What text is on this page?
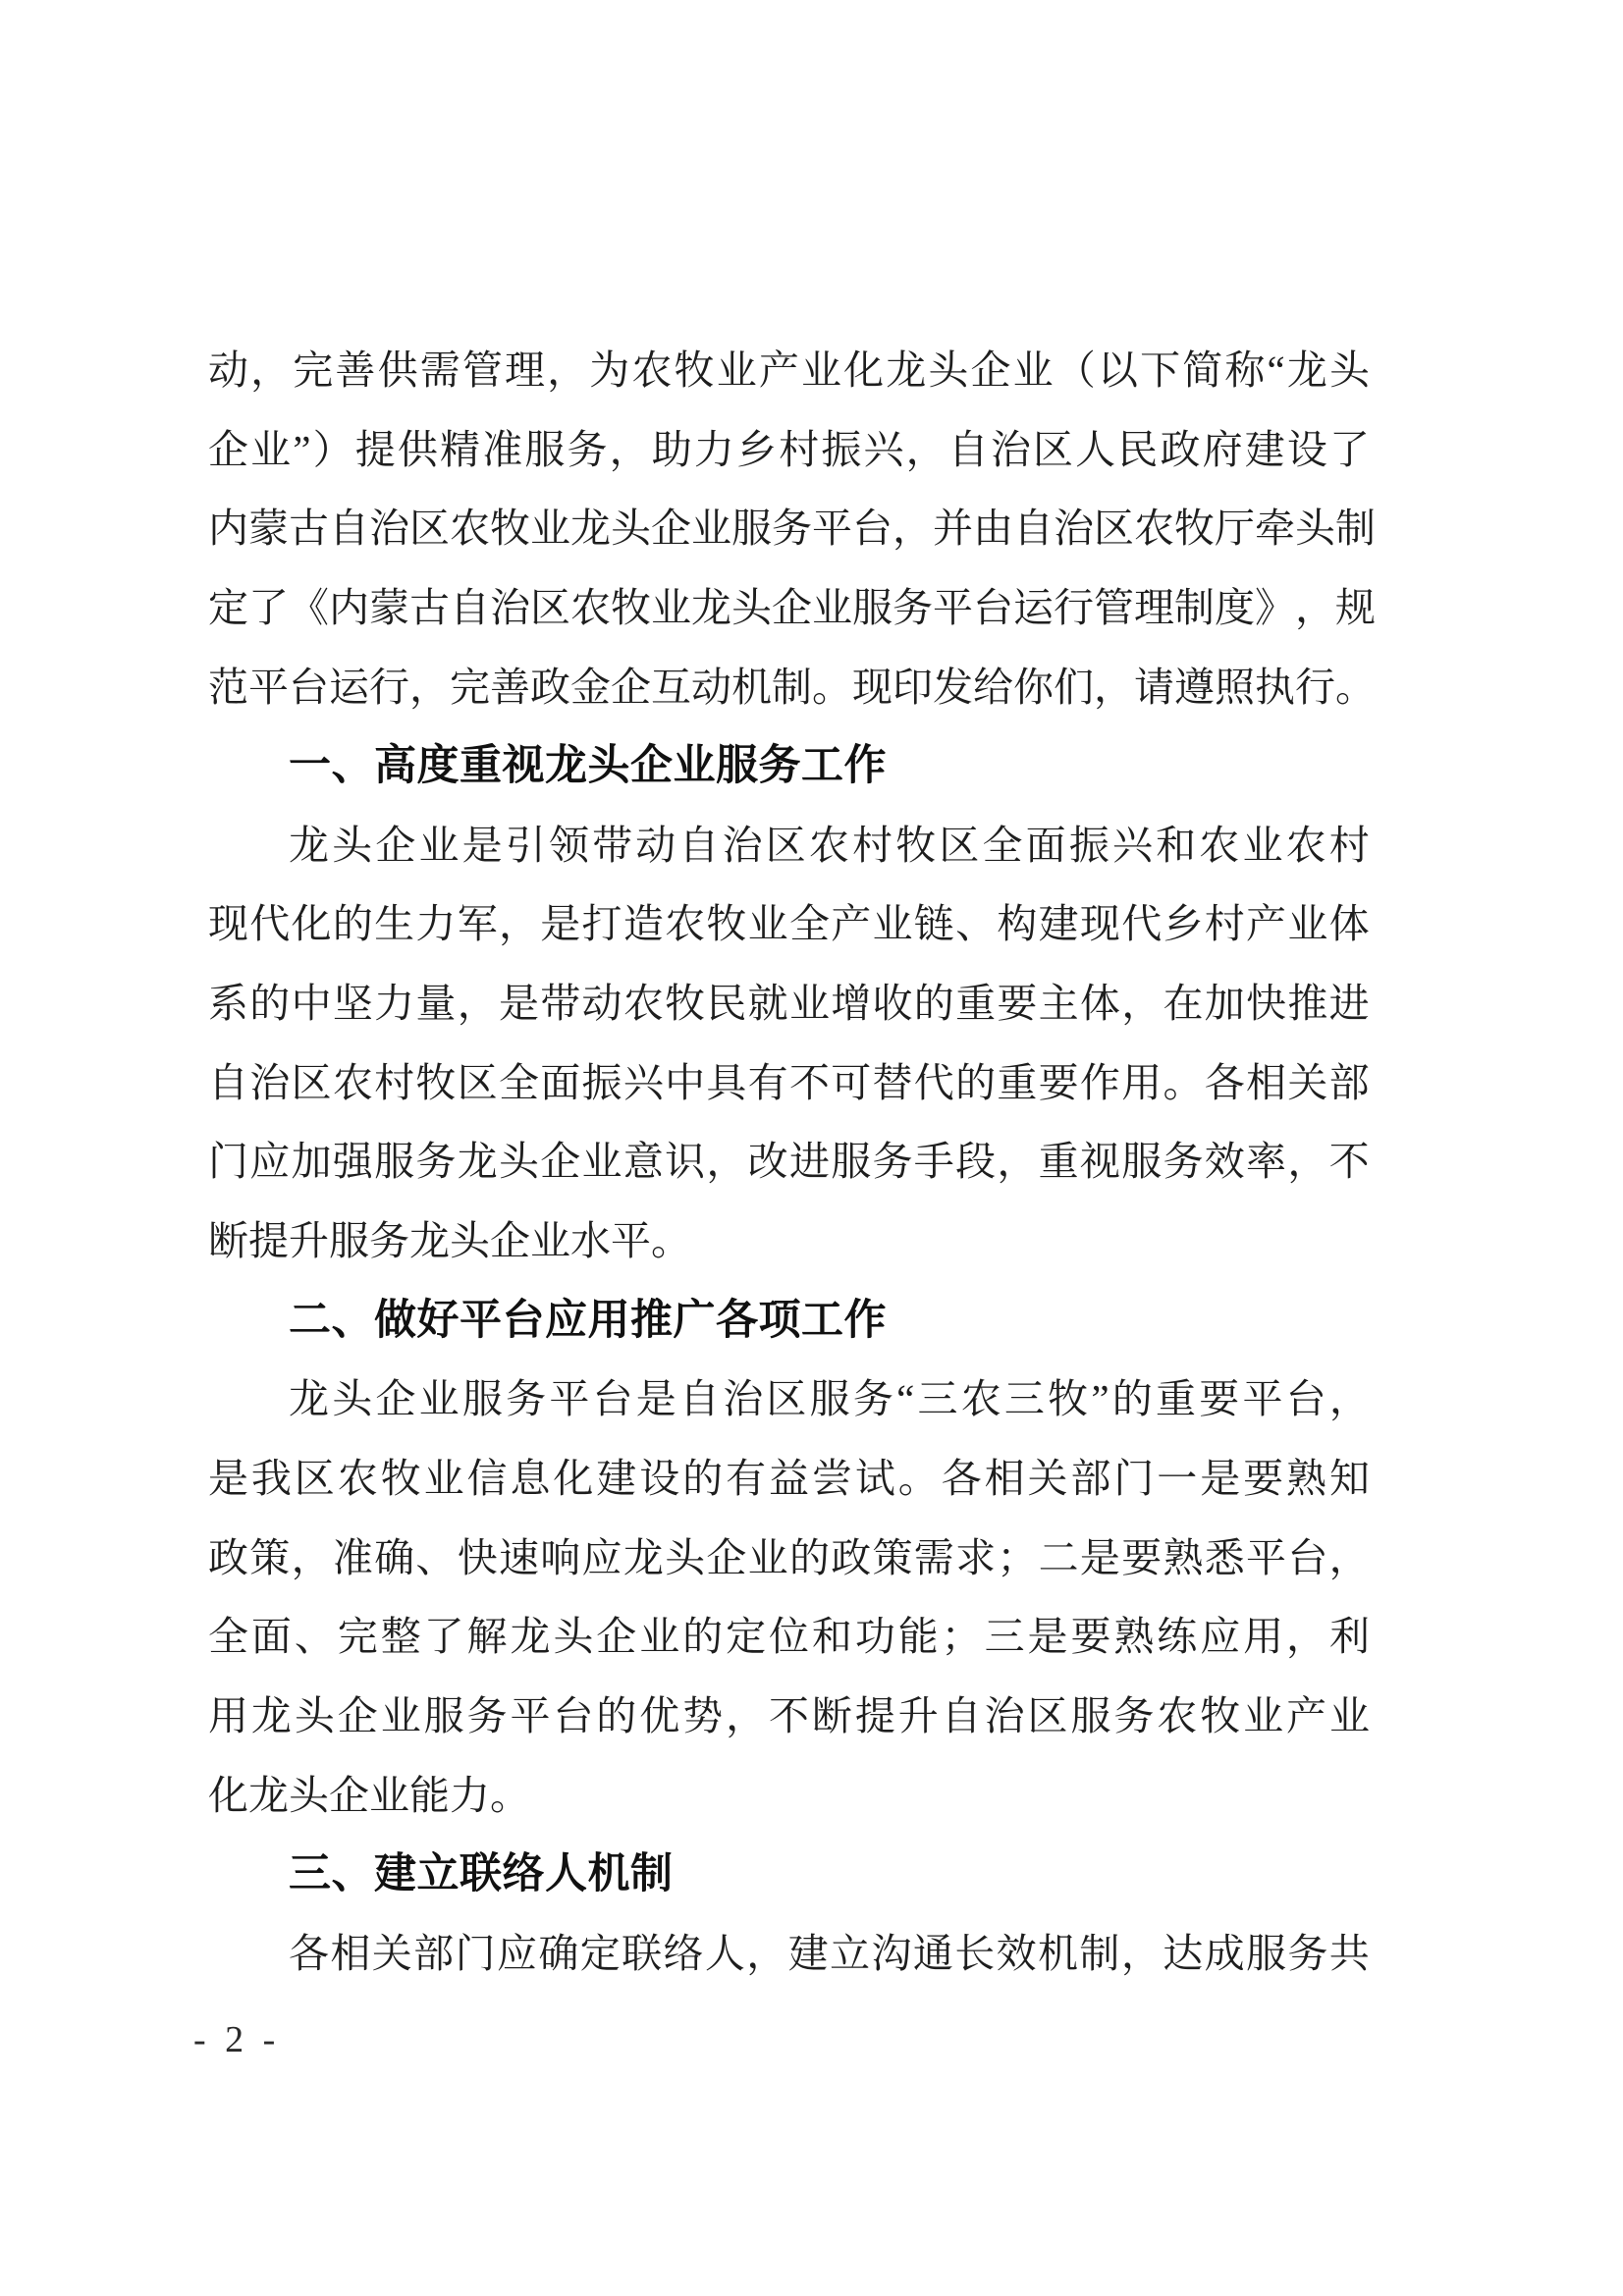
动 ， 完 善 供 需 管 理 ， 为 农 牧 业 产 业 化 龙 头 企 业 （ 以 下 简 称 “ 龙 头
企 业 ” ） 提 供 精 准 服 务 ， 助 力 乡 村 振 兴 ， 自 治 区 人 民 政 府 建 设 了
内 蒙 古 自 治 区 农 牧 业 龙 头 企 业 服 务 平 台 ， 并 由 自 治 区 农 牧 厅 牵 头 制
定 了 《 内 蒙 古 自 治 区 农 牧 业 龙 头 企 业 服 务 平 台 运 行 管 理 制 度 》 ， 规
范 平 台 运 行 ， 完 善 政 金 企 互 动 机 制 。 现 印 发 给 你 们 ， 请 遵 照 执 行 。
一、高度重视龙头企业服务工作
龙 头 企 业 是 引 领 带 动 自 治 区 农 村 牧 区 全 面 振 兴 和 农 业 农 村
现 代 化 的 生 力 军 ， 是 打 造 农 牧 业 全 产 业 链 、 构 建 现 代 乡 村 产 业 体
系 的 中 坚 力 量 ， 是 带 动 农 牧 民 就 业 增 收 的 重 要 主 体 ， 在 加 快 推 进
自 治 区 农 村 牧 区 全 面 振 兴 中 具 有 不 可 替 代 的 重 要 作 用 。 各 相 关 部
门 应 加 强 服 务 龙 头 企 业 意 识 ， 改 进 服 务 手 段 ， 重 视 服 务 效 率 ， 不
断提升服务龙头企业水平。
二、做好平台应用推广各项工作
龙 头 企 业 服 务 平 台 是 自 治 区 服 务 “ 三 农 三 牧 ” 的 重 要 平 台 ，
是 我 区 农 牧 业 信 息 化 建 设 的 有 益 尝 试 。 各 相 关 部 门 一 是 要 熟 知
政 策 ， 准 确 、 快 速 响 应 龙 头 企 业 的 政 策 需 求 ； 二 是 要 熟 悉 平 台 ，
全 面 、 完 整 了 解 龙 头 企 业 的 定 位 和 功 能 ； 三 是 要 熟 练 应 用 ， 利
用 龙 头 企 业 服 务 平 台 的 优 势 ， 不 断 提 升 自 治 区 服 务 农 牧 业 产 业
化龙头企业能力。
三、建立联络人机制
各 相 关 部 门 应 确 定 联 络 人 ， 建 立 沟 通 长 效 机 制 ， 达 成 服 务 共
- 2 -
